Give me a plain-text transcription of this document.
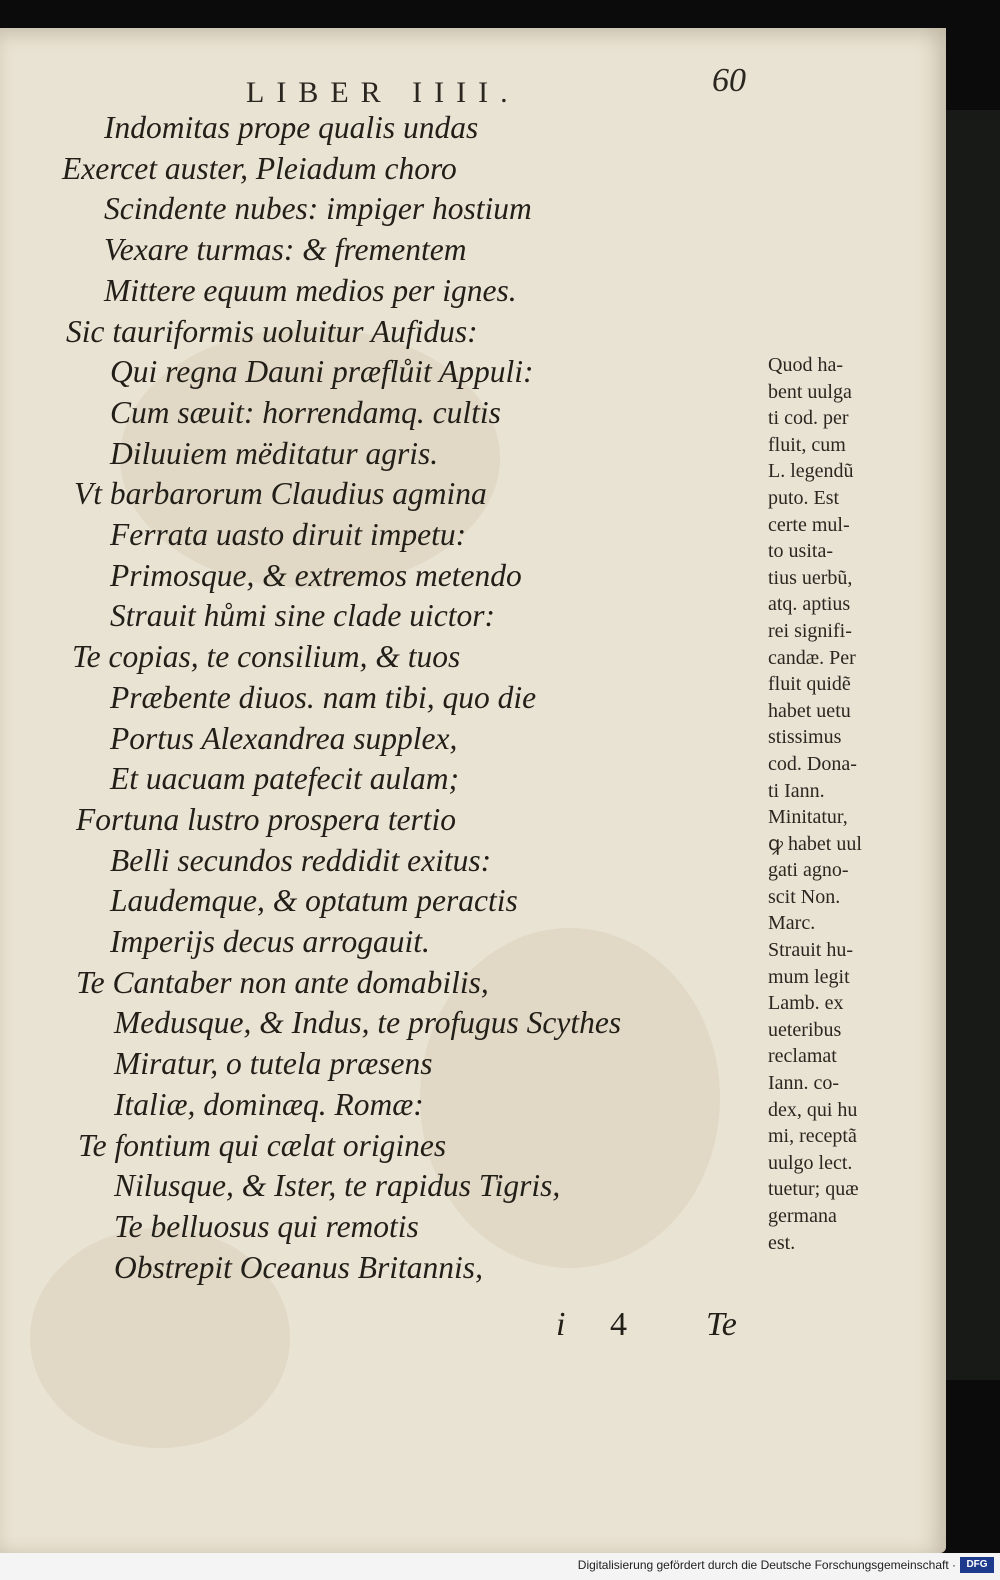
LIBER IIII.	60
Indomitas prope qualis undas
Exercet auster, Pleiadum choro
Scindente nubes: impiger hostium
Vexare turmas: & frementem
Mittere equum medios per ignes.
Sic tauriformis uoluitur Aufidus:
Qui regna Dauni præflůit Appuli:
Cum sæuit: horrendamq. cultis
Diluuiem mëditatur agris.
Vt barbarorum Claudius agmina
Ferrata uasto diruit impetu:
Primosque, & extremos metendo
Strauit hůmi sine clade uictor:
Te copias, te consilium, & tuos
Præbente diuos. nam tibi, quo die
Portus Alexandrea supplex,
Et uacuam patefecit aulam;
Fortuna lustro prospera tertio
Belli secundos reddidit exitus:
Laudemque, & optatum peractis
Imperijs decus arrogauit.
Te Cantaber non ante domabilis,
Medusque, & Indus, te profugus Scythes
Miratur, o tutela præsens
Italiæ, dominæq. Romæ:
Te fontium qui cælat origines
Nilusque, & Ister, te rapidus Tigris,
Te belluosus qui remotis
Obstrepit Oceanus Britannis,
Quod ha-
bent uulga
ti cod. per
fluit, cum
L. legendũ
puto. Est
certe mul-
to usita-
tius uerbũ,
atq. aptius
rei signifi-
candæ. Per
fluit quidẽ
habet uetu
stissimus
cod. Dona-
ti Iann.
Minitatur,
ꝙ habet uul
gati agno-
scit Non.
Marc.
Strauit hu-
mum legit
Lamb. ex
ueteribus
reclamat
Iann. co-
dex, qui hu
mi, receptã
uulgo lect.
tuetur; quæ
germana
est.
i 4 Te
Digitalisierung gefördert durch die Deutsche Forschungsgemeinschaft ·	DFG
